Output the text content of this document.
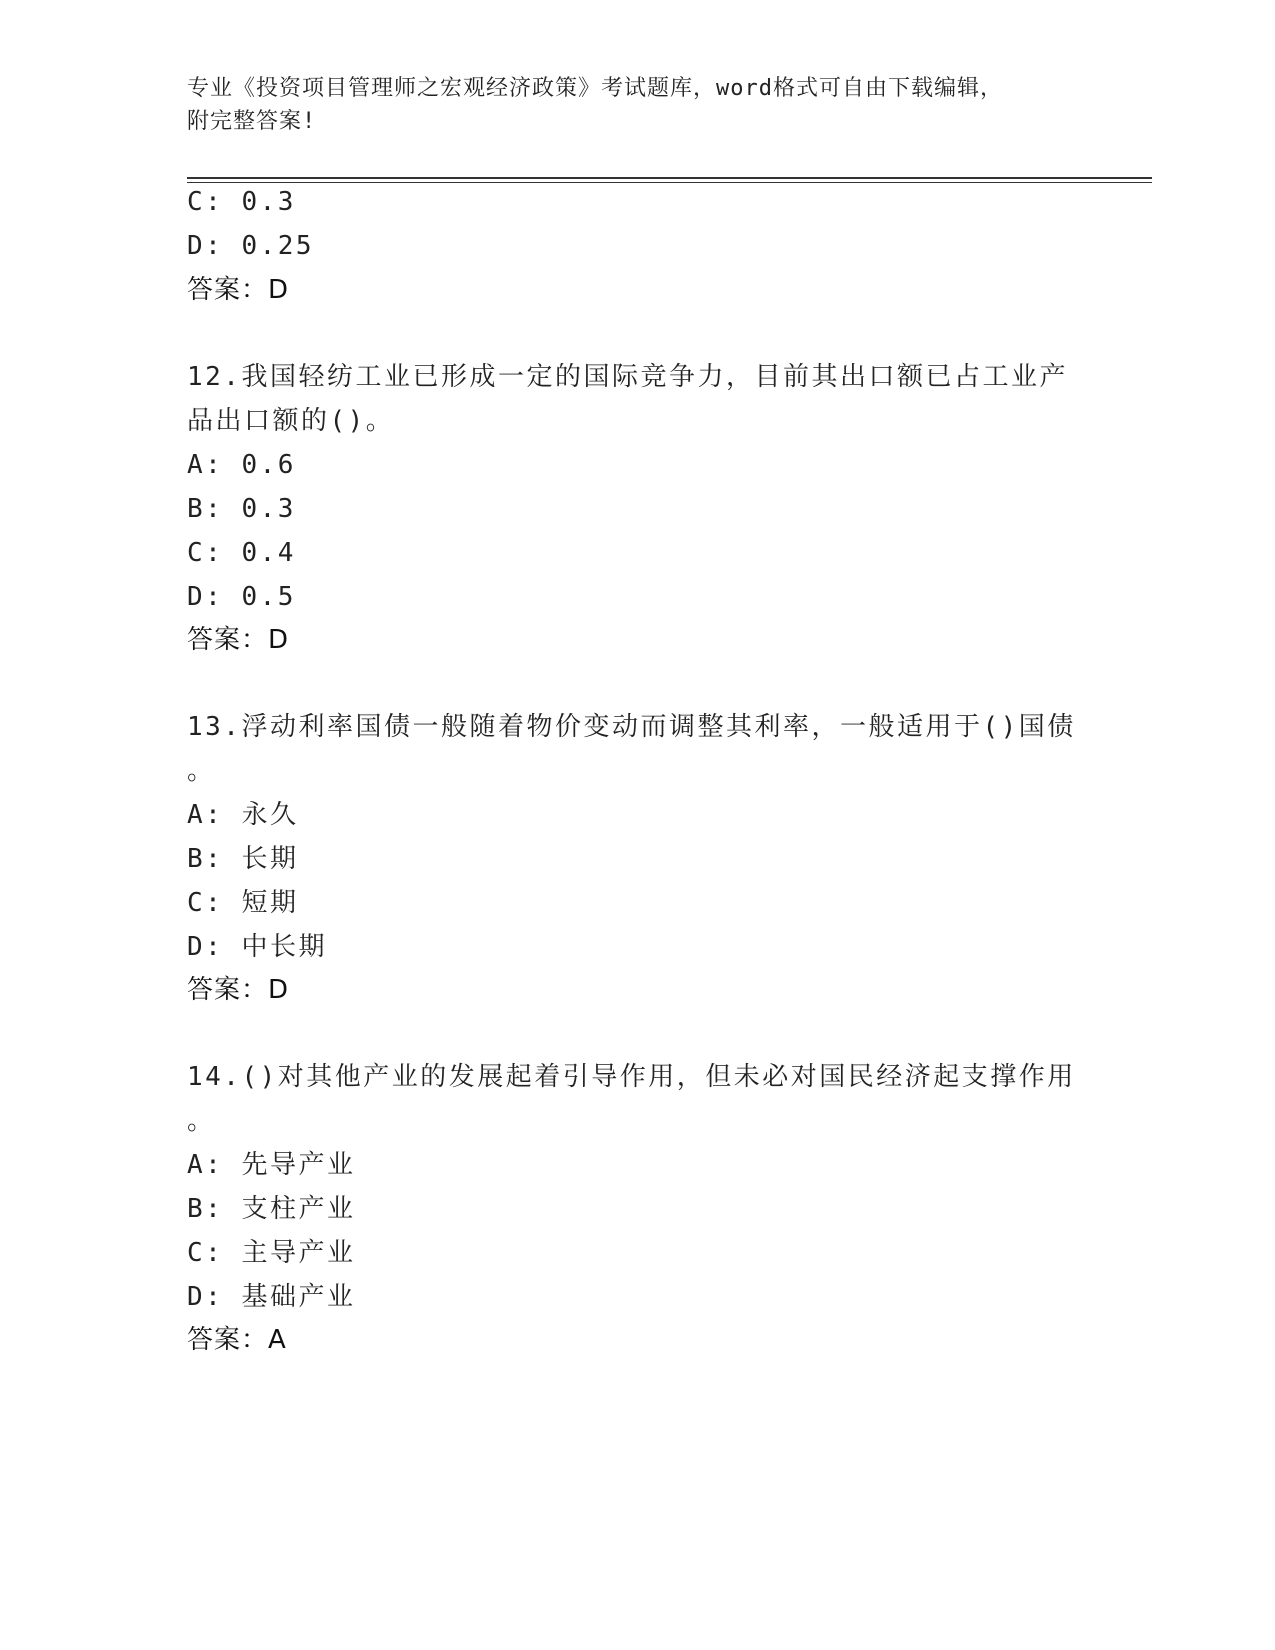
专业《投资项目管理师之宏观经济政策》考试题库，word格式可自由下载编辑，
附完整答案!
C: 0.3
D: 0.25
答案：D
12.我国轻纺工业已形成一定的国际竞争力，目前其出口额已占工业产
品出口额的()。
A: 0.6
B: 0.3
C: 0.4
D: 0.5
答案：D
13.浮动利率国债一般随着物价变动而调整其利率，一般适用于()国债
。
A: 永久
B: 长期
C: 短期
D: 中长期
答案：D
14.()对其他产业的发展起着引导作用，但未必对国民经济起支撑作用
。
A: 先导产业
B: 支柱产业
C: 主导产业
D: 基础产业
答案：A
